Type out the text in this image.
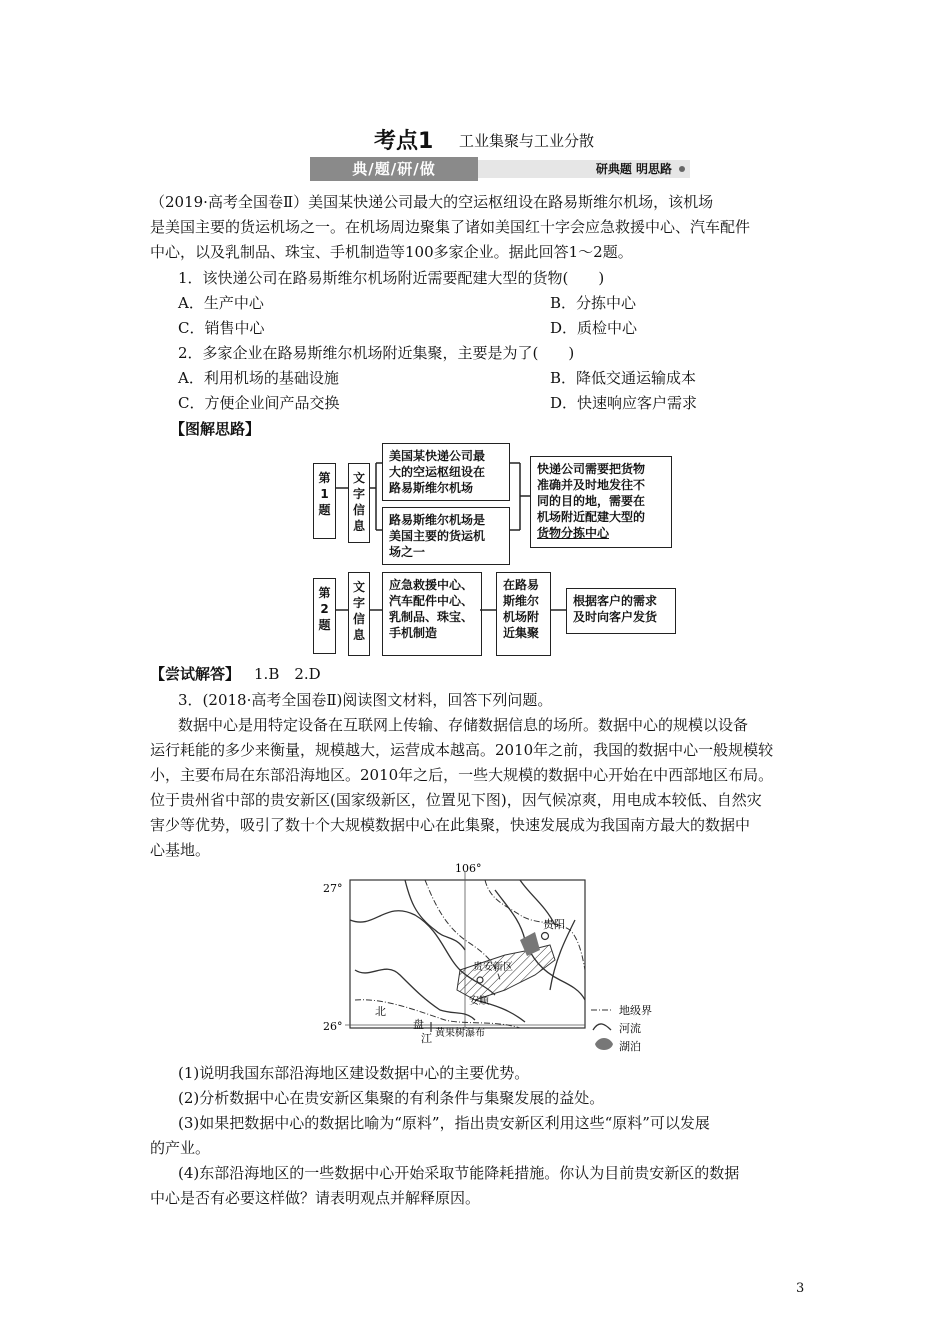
考点1 工业集聚与工业分散
典/题/研/做	研典题 明思路
（2019·高考全国卷Ⅱ）美国某快递公司最大的空运枢纽设在路易斯维尔机场，该机场
是美国主要的货运机场之一。在机场周边聚集了诸如美国红十字会应急救援中心、汽车配件
中心，以及乳制品、珠宝、手机制造等100多家企业。据此回答1～2题。
1．该快递公司在路易斯维尔机场附近需要配建大型的货物(　　)
A．生产中心	B．分拣中心
C．销售中心	D．质检中心
2．多家企业在路易斯维尔机场附近集聚，主要是为了(　　)
A．利用机场的基础设施	B．降低交通运输成本
C．方便企业间产品交换	D．快速响应客户需求
【图解思路】
第
1
题
文
字
信
息
美国某快递公司最
大的空运枢纽设在
路易斯维尔机场
路易斯维尔机场是
美国主要的货运机
场之一
快递公司需要把货物
准确并及时地发往不
同的目的地，需要在
机场附近配建大型的
货物分拣中心
第
2
题
文
字
信
息
应急救援中心、
汽车配件中心、
乳制品、珠宝、
手机制造
在路易
斯维尔
机场附
近集聚
根据客户的需求
及时向客户发货
【尝试解答】 1.B　2.D
3．(2018·高考全国卷Ⅱ)阅读图文材料，回答下列问题。
数据中心是用特定设备在互联网上传输、存储数据信息的场所。数据中心的规模以设备
运行耗能的多少来衡量，规模越大，运营成本越高。2010年之前，我国的数据中心一般规模较
小，主要布局在东部沿海地区。2010年之后，一些大规模的数据中心开始在中西部地区布局。
位于贵州省中部的贵安新区(国家级新区，位置见下图)，因气候凉爽，用电成本较低、自然灾
害少等优势，吸引了数十个大规模数据中心在此集聚，快速发展成为我国南方最大的数据中
心基地。
106°
27°
26°
贵阳
贵安新区
安顺
北
盘
江 黄果树瀑布
地级界
河流
湖泊
(1)说明我国东部沿海地区建设数据中心的主要优势。
(2)分析数据中心在贵安新区集聚的有利条件与集聚发展的益处。
(3)如果把数据中心的数据比喻为“原料”，指出贵安新区利用这些“原料”可以发展
的产业。
(4)东部沿海地区的一些数据中心开始采取节能降耗措施。你认为目前贵安新区的数据
中心是否有必要这样做？请表明观点并解释原因。
3
